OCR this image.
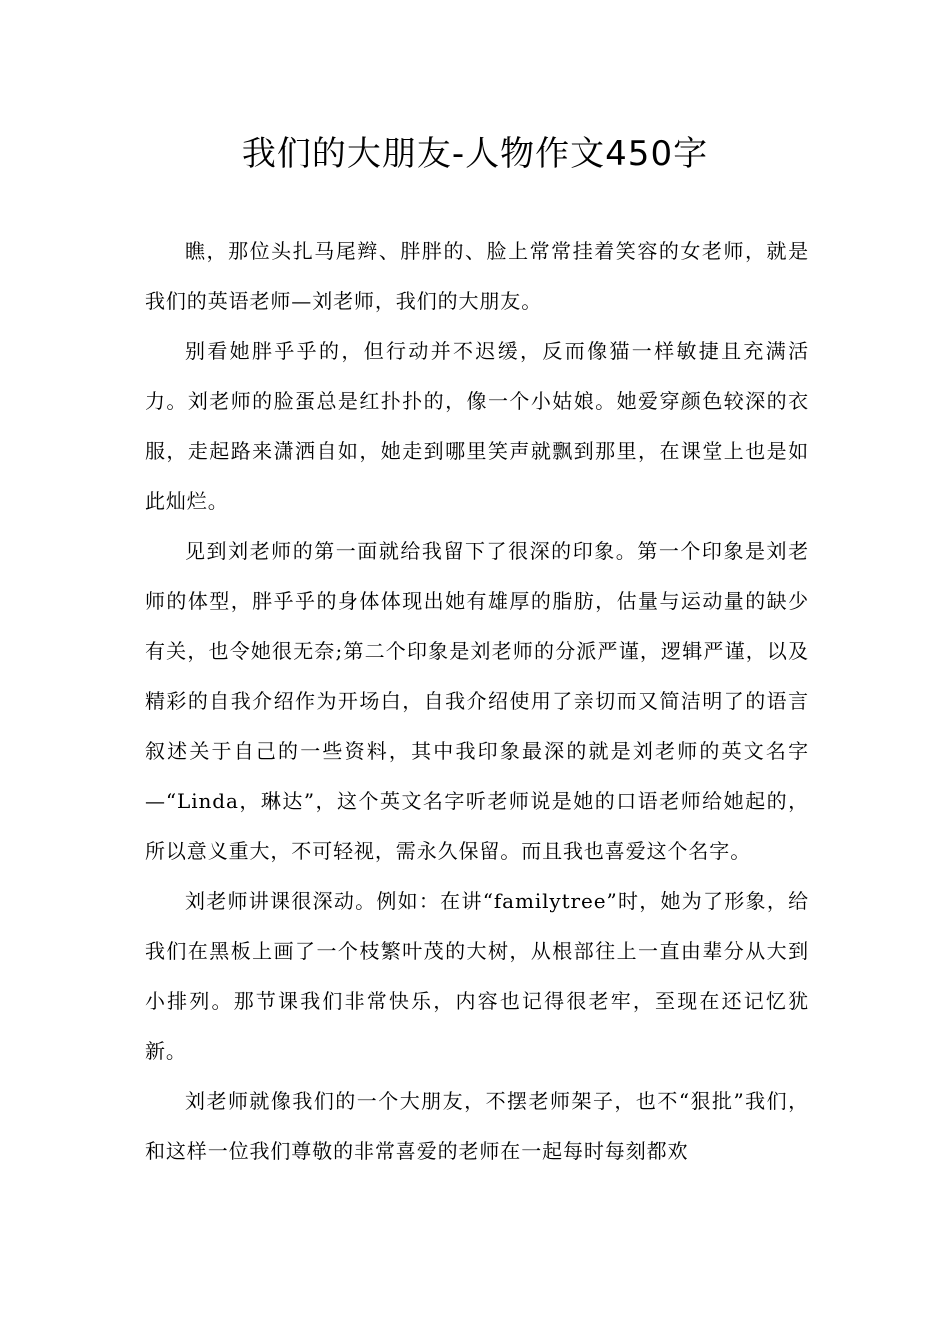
我们的大朋友-人物作文450字

瞧，那位头扎马尾辫、胖胖的、脸上常常挂着笑容的女老师，就是我们的英语老师—刘老师，我们的大朋友。

别看她胖乎乎的，但行动并不迟缓，反而像猫一样敏捷且充满活力。刘老师的脸蛋总是红扑扑的，像一个小姑娘。她爱穿颜色较深的衣服，走起路来潇洒自如，她走到哪里笑声就飘到那里，在课堂上也是如此灿烂。

见到刘老师的第一面就给我留下了很深的印象。第一个印象是刘老师的体型，胖乎乎的身体体现出她有雄厚的脂肪，估量与运动量的缺少有关，也令她很无奈;第二个印象是刘老师的分派严谨，逻辑严谨，以及精彩的自我介绍作为开场白，自我介绍使用了亲切而又简洁明了的语言叙述关于自己的一些资料，其中我印象最深的就是刘老师的英文名字—“Linda，琳达”，这个英文名字听老师说是她的口语老师给她起的，所以意义重大，不可轻视，需永久保留。而且我也喜爱这个名字。

刘老师讲课很深动。例如：在讲“familytree”时，她为了形象，给我们在黑板上画了一个枝繁叶茂的大树，从根部往上一直由辈分从大到小排列。那节课我们非常快乐，内容也记得很老牢，至现在还记忆犹新。

刘老师就像我们的一个大朋友，不摆老师架子，也不“狠批”我们，和这样一位我们尊敬的非常喜爱的老师在一起每时每刻都欢
